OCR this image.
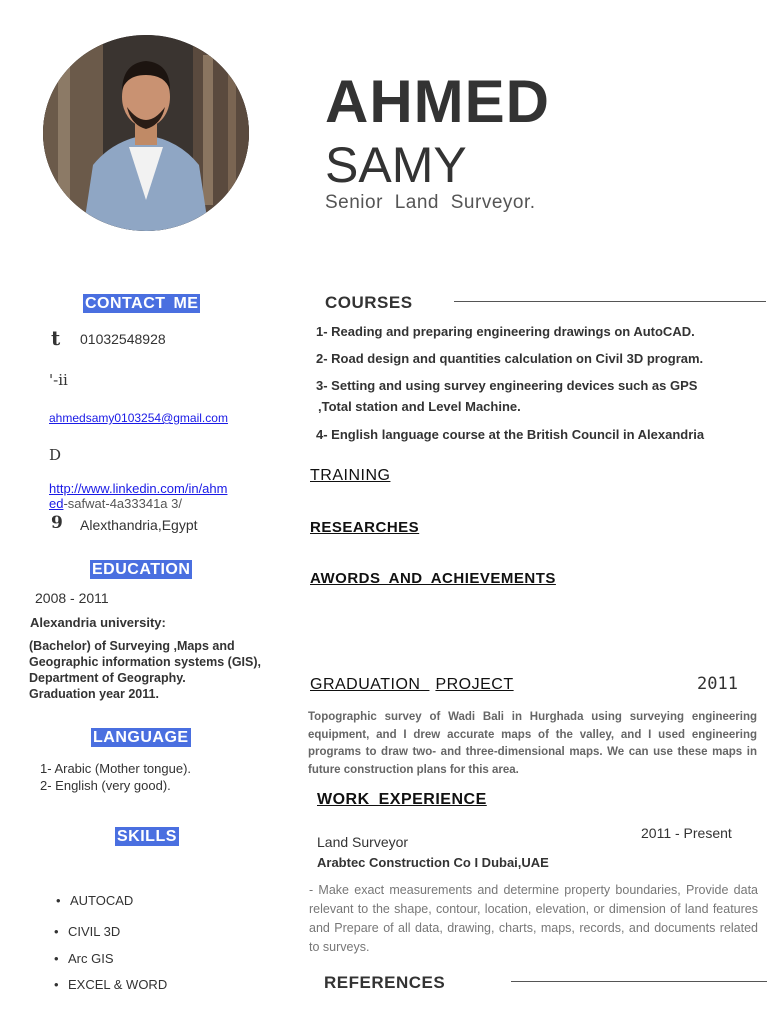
AHMED
SAMY
Senior Land Surveyor.
CONTACT ME
t 01032548928
'-ii
ahmedsamy0103254@gmail.com
D
http://www.linkedin.com/in/ahm
ed-safwat-4a33341a 3/
9 Alexthandria,Egypt
EDUCATION
2008 - 2011
Alexandria university:
(Bachelor) of Surveying ,Maps and
Geographic information systems (GIS),
Department of Geography.
Graduation year 2011.
LANGUAGE
1- Arabic (Mother tongue).
2- English (very good).
SKILLS
• AUTOCAD
• CIVIL 3D
• Arc GIS
• EXCEL & WORD
COURSES
1- Reading and preparing engineering drawings on AutoCAD.
2- Road design and quantities calculation on Civil 3D program.
3- Setting and using survey engineering devices such as GPS
,Total station and Level Machine.
4- English language course at the British Council in Alexandria
TRAINING
RESEARCHES
AWORDS AND ACHIEVEMENTS
GRADUATION PROJECT	2011
Topographic survey of Wadi Bali in Hurghada using surveying engineering equipment, and I drew accurate maps of the valley, and I used engineering programs to draw two- and three-dimensional maps. We can use these maps in future construction plans for this area.
WORK EXPERIENCE
Land Surveyor
2011 - Present
Arabtec Construction Co I Dubai,UAE
- Make exact measurements and determine property boundaries, Provide data relevant to the shape, contour, location, elevation, or dimension of land features and Prepare of all data, drawing, charts, maps, records, and documents related to surveys.
REFERENCES
